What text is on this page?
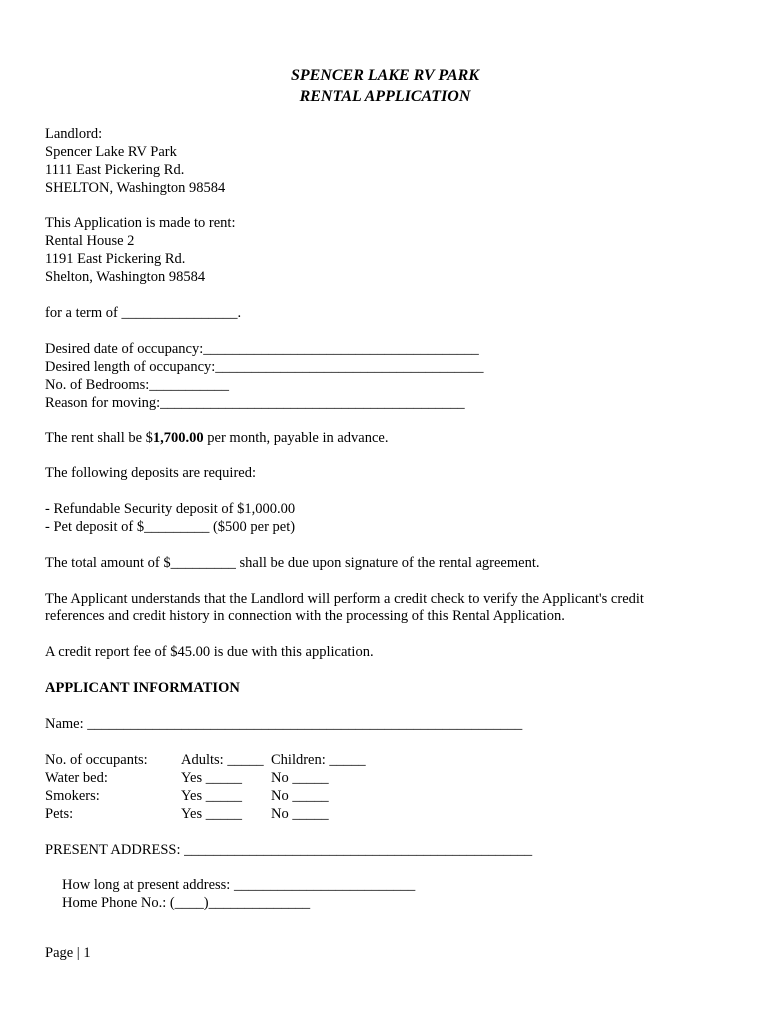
SPENCER LAKE RV PARK
RENTAL APPLICATION
Landlord:
Spencer Lake RV Park
1111 East Pickering Rd.
SHELTON, Washington 98584
This Application is made to rent:
Rental House 2
1191 East Pickering Rd.
Shelton, Washington 98584
for a term of ________________.
Desired date of occupancy:______________________________________
Desired length of occupancy:_____________________________________
No. of Bedrooms:___________
Reason for moving:__________________________________________
The rent shall be $1,700.00 per month, payable in advance.
The following deposits are required:
- Refundable Security deposit of $1,000.00
- Pet deposit of $_________ ($500 per pet)
The total amount of $_________ shall be due upon signature of the rental agreement.
The Applicant understands that the Landlord will perform a credit check to verify the Applicant's credit
references and credit history in connection with the processing of this Rental Application.
A credit report fee of $45.00 is due with this application.
APPLICANT INFORMATION
Name: ____________________________________________________________
No. of occupants: Adults: _____ Children: _____
Water bed:	Yes _____ No _____
Smokers:	Yes _____ No _____
Pets:	Yes _____ No _____
PRESENT ADDRESS: ________________________________________________
How long at present address: _________________________
Home Phone No.: (____)______________
Page | 1
